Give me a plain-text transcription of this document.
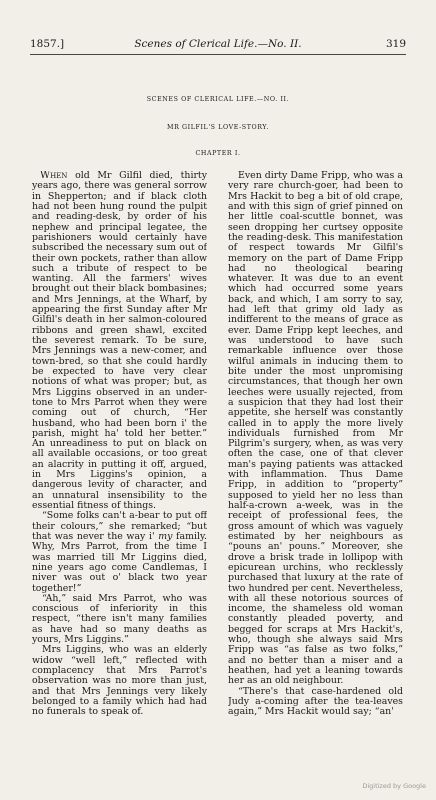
1857.]	Scenes of Clerical Life.—No. II.	319
SCENES OF CLERICAL LIFE.—NO. II.
MR GILFIL'S LOVE-STORY.
CHAPTER I.

When old Mr Gilfil died, thirty years ago, there was general sorrow in Shepperton; and if black cloth had not been hung round the pulpit and reading-desk, by order of his nephew and principal legatee, the parishioners would certainly have subscribed the necessary sum out of their own pockets, rather than allow such a tribute of respect to be wanting. All the farmers' wives brought out their black bombasines; and Mrs Jennings, at the Wharf, by appearing the first Sunday after Mr Gilfil's death in her salmon-coloured ribbons and green shawl, excited the severest remark. To be sure, Mrs Jennings was a new-comer, and town-bred, so that she could hardly be expected to have very clear notions of what was proper; but, as Mrs Liggins observed in an under-tone to Mrs Parrot when they were coming out of church, “Her husband, who had been born i' the parish, might ha' told her better.” An unreadiness to put on black on all available occasions, or too great an alacrity in putting it off, argued, in Mrs Liggins's opinion, a dangerous levity of character, and an unnatural insensibility to the essential fitness of things.

“Some folks can't a-bear to put off their colours,” she remarked; “but that was never the way i' my family. Why, Mrs Parrot, from the time I was married till Mr Liggins died, nine years ago come Candlemas, I niver was out o' black two year together!”

“Ah,” said Mrs Parrot, who was conscious of inferiority in this respect, “there isn't many families as have had so many deaths as yours, Mrs Liggins.”

Mrs Liggins, who was an elderly widow “well left,” reflected with complacency that Mrs Parrot's observation was no more than just, and that Mrs Jennings very likely belonged to a family which had had no funerals to speak of.

Even dirty Dame Fripp, who was a very rare church-goer, had been to Mrs Hackit to beg a bit of old crape, and with this sign of grief pinned on her little coal-scuttle bonnet, was seen dropping her curtsey opposite the reading-desk. This manifestation of respect towards Mr Gilfil's memory on the part of Dame Fripp had no theological bearing whatever. It was due to an event which had occurred some years back, and which, I am sorry to say, had left that grimy old lady as indifferent to the means of grace as ever. Dame Fripp kept leeches, and was understood to have such remarkable influence over those wilful animals in inducing them to bite under the most unpromising circumstances, that though her own leeches were usually rejected, from a suspicion that they had lost their appetite, she herself was constantly called in to apply the more lively individuals furnished from Mr Pilgrim's surgery, when, as was very often the case, one of that clever man's paying patients was attacked with inflammation. Thus Dame Fripp, in addition to “property” supposed to yield her no less than half-a-crown a-week, was in the receipt of professional fees, the gross amount of which was vaguely estimated by her neighbours as “pouns an' pouns.” Moreover, she drove a brisk trade in lollipop with epicurean urchins, who recklessly purchased that luxury at the rate of two hundred per cent. Nevertheless, with all these notorious sources of income, the shameless old woman constantly pleaded poverty, and begged for scraps at Mrs Hackit's, who, though she always said Mrs Fripp was “as false as two folks,” and no better than a miser and a heathen, had yet a leaning towards her as an old neighbour.

“There's that case-hardened old Judy a-coming after the tea-leaves again,” Mrs Hackit would say; “an'

Digitized by Google
